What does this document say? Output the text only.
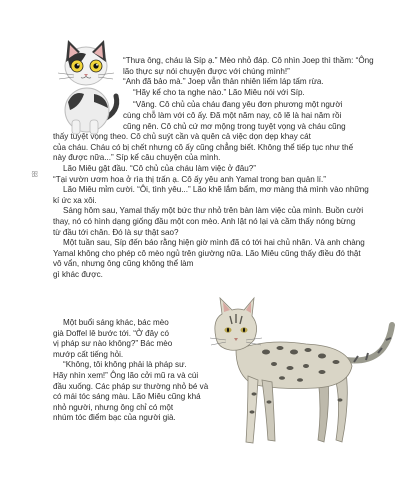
“Thưa ông, cháu là Síp ạ.” Mèo nhỏ đáp. Cô nhìn Joep thì thầm: “Ông

lão thực sự nói chuyện được với chúng mình!”

“Anh đã bảo mà.” Joep vẫn thản nhiên liếm láp tấm rừa.

“Hãy kể cho ta nghe nào.” Lão Miêu nói với Síp.

“Vâng. Cô chủ của cháu đang yêu đơn phương một người

cùng chỗ làm với cô ấy. Đã một năm nay, cô lẽ là hai năm rồi

cũng nên. Cô chủ cứ mơ mộng trong tuyệt vọng và cháu cũng

thấy tuyệt vọng theo. Cô chủ suýt cần và quên cả việc dọn dẹp khay cát

của cháu. Cháu có bị chết nhưng cô ấy cũng chẳng biết. Không thể tiếp tục như thế

này được nữa...” Síp kể câu chuyện của mình.

Lão Miêu gật đầu. “Cô chủ của cháu làm việc ở đâu?”

“Tại vườn ươm hoa ở rìa thị trấn ạ. Cô ấy yêu anh Yamal trong ban quản lí.”

Lão Miêu mỉm cười. “Ôi, tình yêu...” Lão khẽ lắm bẩm, mơ màng thả mình vào những

kí ức xa xôi.

Sáng hôm sau, Yamal thấy một bức thư nhỏ trên bàn làm việc của mình. Buồn cười

thay, nó có hình dạng giống đầu một con mèo. Anh lật nó lại và cầm thấy nóng bừng

từ đầu tới chân. Đó là sự thật sao?

Một tuần sau, Síp đến báo rằng hiện giờ mình đã có tới hai chủ nhân. Và anh chàng

Yamal không cho phép cô mèo ngủ trên giường nữa. Lão Miêu cũng thấy điều đó thật

vô vẩn, nhưng ông cũng không thể làm

gì khác được.

ꕥ

Một buổi sáng khác, bác mèo

già Doffel lê bước tới. “Ở đây có

vị pháp sư nào không?” Bác mèo

mướp cất tiếng hỏi.

“Không, tôi không phải là pháp sư.

Hãy nhìn xem!” Ông lão cởi mũ ra và cúi

đầu xuống. Các pháp sư thường nhỏ bé và

có mái tóc sáng màu. Lão Miêu cũng khá

nhỏ người, nhưng ông chỉ có một

nhúm tóc điểm bạc của người già.
